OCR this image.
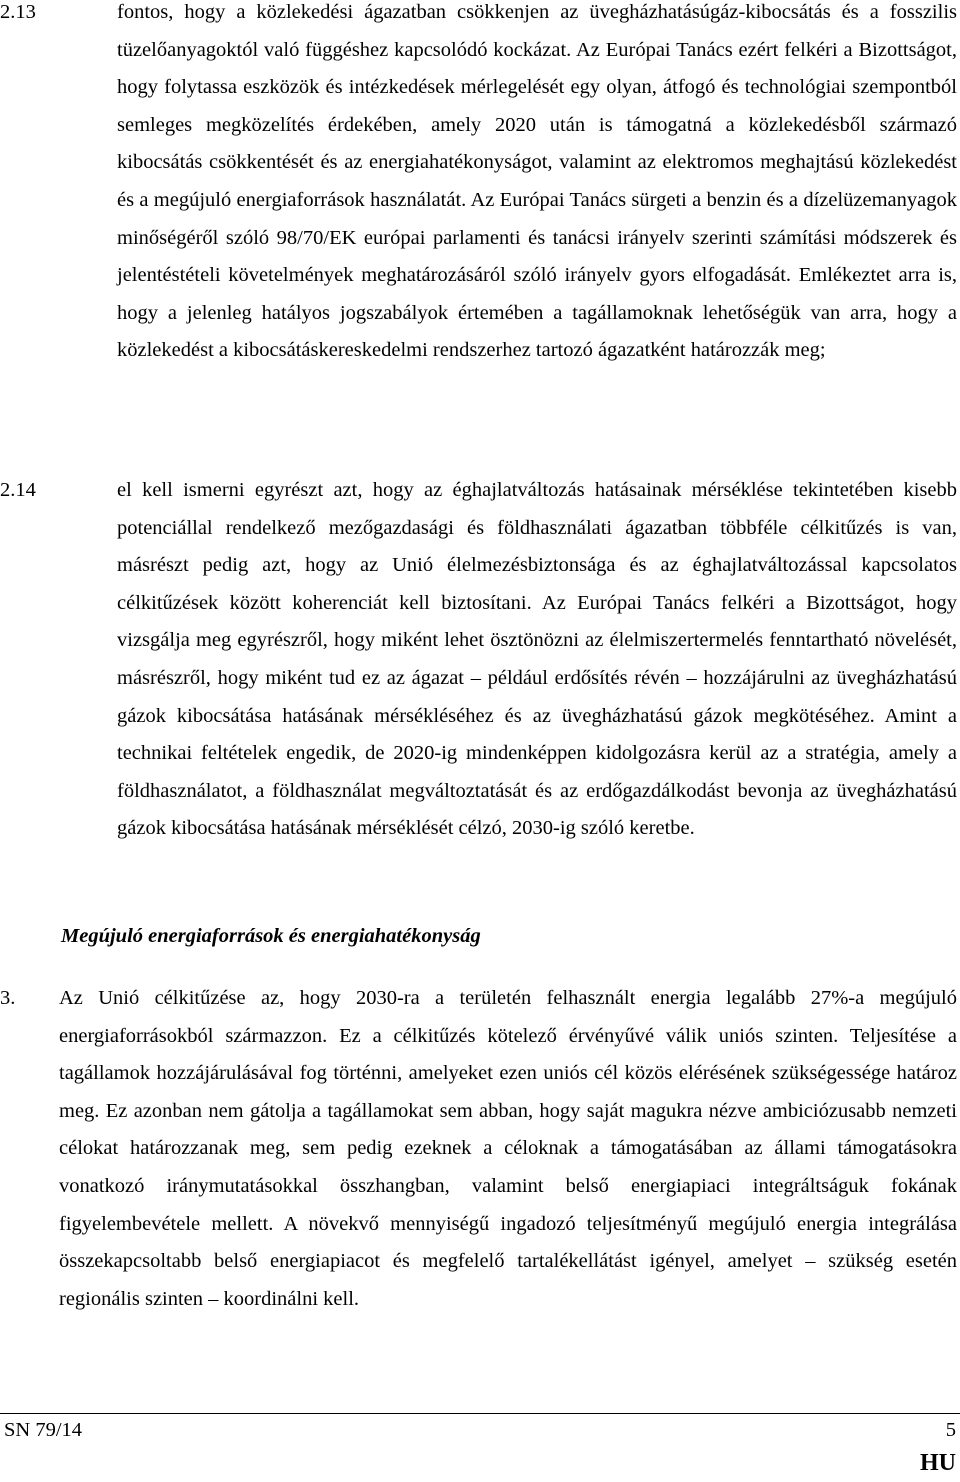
2.13	fontos, hogy a közlekedési ágazatban csökkenjen az üvegházhatásúgáz-kibocsátás és a fosszilis tüzelőanyagoktól való függéshez kapcsolódó kockázat. Az Európai Tanács ezért felkéri a Bizottságot, hogy folytassa eszközök és intézkedések mérlegelését egy olyan, átfogó és technológiai szempontból semleges megközelítés érdekében, amely 2020 után is támogatná a közlekedésből származó kibocsátás csökkentését és az energiahatékonyságot, valamint az elektromos meghajtású közlekedést és a megújuló energiaforrások használatát. Az Európai Tanács sürgeti a benzin és a dízelüzemanyagok minőségéről szóló 98/70/EK európai parlamenti és tanácsi irányelv szerinti számítási módszerek és jelentéstételi követelmények meghatározásáról szóló irányelv gyors elfogadását. Emlékeztet arra is, hogy a jelenleg hatályos jogszabályok értemében a tagállamoknak lehetőségük van arra, hogy a közlekedést a kibocsátáskereskedelmi rendszerhez tartozó ágazatként határozzák meg;
2.14	el kell ismerni egyrészt azt, hogy az éghajlatváltozás hatásainak mérséklése tekintetében kisebb potenciállal rendelkező mezőgazdasági és földhasználati ágazatban többféle célkitűzés is van, másrészt pedig azt, hogy az Unió élelmezésbiztonsága és az éghajlatváltozással kapcsolatos célkitűzések között koherenciát kell biztosítani. Az Európai Tanács felkéri a Bizottságot, hogy vizsgálja meg egyrészről, hogy miként lehet ösztönözni az élelmiszertermelés fenntartható növelését, másrészről, hogy miként tud ez az ágazat – például erdősítés révén – hozzájárulni az üvegházhatású gázok kibocsátása hatásának mérsékléséhez és az üvegházhatású gázok megkötéséhez. Amint a technikai feltételek engedik, de 2020-ig mindenképpen kidolgozásra kerül az a stratégia, amely a földhasználatot, a földhasználat megváltoztatását és az erdőgazdálkodást bevonja az üvegházhatású gázok kibocsátása hatásának mérséklését célzó, 2030-ig szóló keretbe.
Megújuló energiaforrások és energiahatékonyság
3. Az Unió célkitűzése az, hogy 2030-ra a területén felhasznált energia legalább 27%-a megújuló energiaforrásokból származzon. Ez a célkitűzés kötelező érvényűvé válik uniós szinten. Teljesítése a tagállamok hozzájárulásával fog történni, amelyeket ezen uniós cél közös elérésének szükségessége határoz meg. Ez azonban nem gátolja a tagállamokat sem abban, hogy saját magukra nézve ambiciózusabb nemzeti célokat határozzanak meg, sem pedig ezeknek a céloknak a támogatásában az állami támogatásokra vonatkozó iránymutatásokkal összhangban, valamint belső energiapiaci integráltságuk fokának figyelembevétele mellett. A növekvő mennyiségű ingadozó teljesítményű megújuló energia integrálása összekapcsoltabb belső energiapiacot és megfelelő tartalékellátást igényel, amelyet – szükség esetén regionális szinten – koordinálni kell.
SN 79/14	5
HU
